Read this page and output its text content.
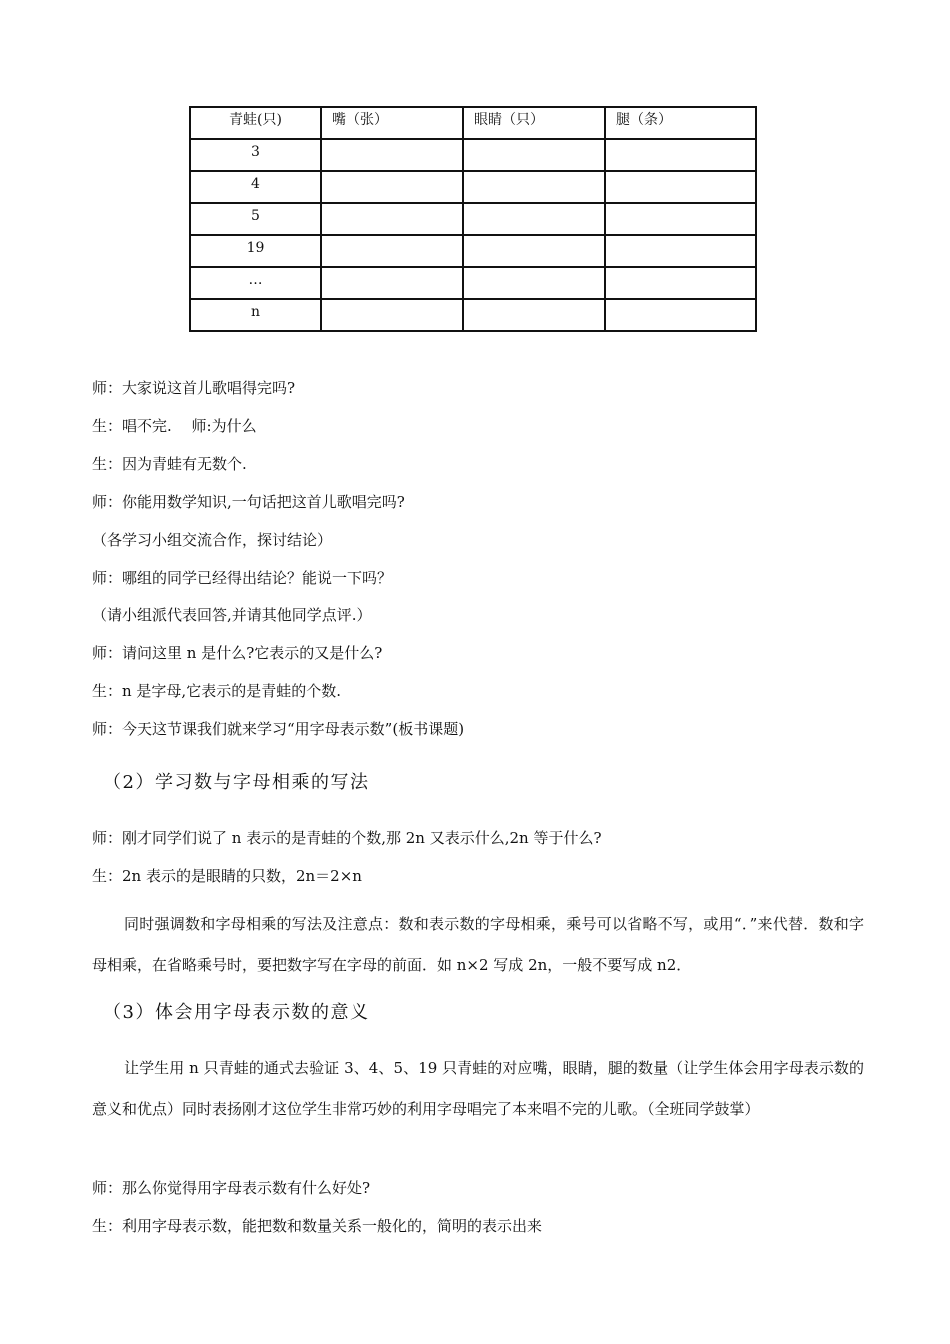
青蛙(只)	嘴（张）	眼睛（只）	腿（条）
3			
4			
5			
19			
…			
n			
师：大家说这首儿歌唱得完吗?
生：唱不完.　 师:为什么
生：因为青蛙有无数个.
师：你能用数学知识,一句话把这首儿歌唱完吗?
（各学习小组交流合作，探讨结论）
师：哪组的同学已经得出结论？能说一下吗？
（请小组派代表回答,并请其他同学点评.）
师：请问这里 n 是什么?它表示的又是什么?
生：n 是字母,它表示的是青蛙的个数.
师：今天这节课我们就来学习“用字母表示数”(板书课题)
（2）学习数与字母相乘的写法
师：刚才同学们说了 n 表示的是青蛙的个数,那 2n 又表示什么,2n 等于什么?
生：2n 表示的是眼睛的只数，2n＝2×n
同时强调数和字母相乘的写法及注意点：数和表示数的字母相乘，乘号可以省略不写，或用“．”来代替．数和字母相乘，在省略乘号时，要把数字写在字母的前面．如 n×2 写成 2n，一般不要写成 n2．
（3）体会用字母表示数的意义
让学生用 n 只青蛙的通式去验证 3、4、5、19 只青蛙的对应嘴，眼睛，腿的数量（让学生体会用字母表示数的意义和优点）同时表扬刚才这位学生非常巧妙的利用字母唱完了本来唱不完的儿歌。（全班同学鼓掌）
师：那么你觉得用字母表示数有什么好处?
生：利用字母表示数，能把数和数量关系一般化的，简明的表示出来
